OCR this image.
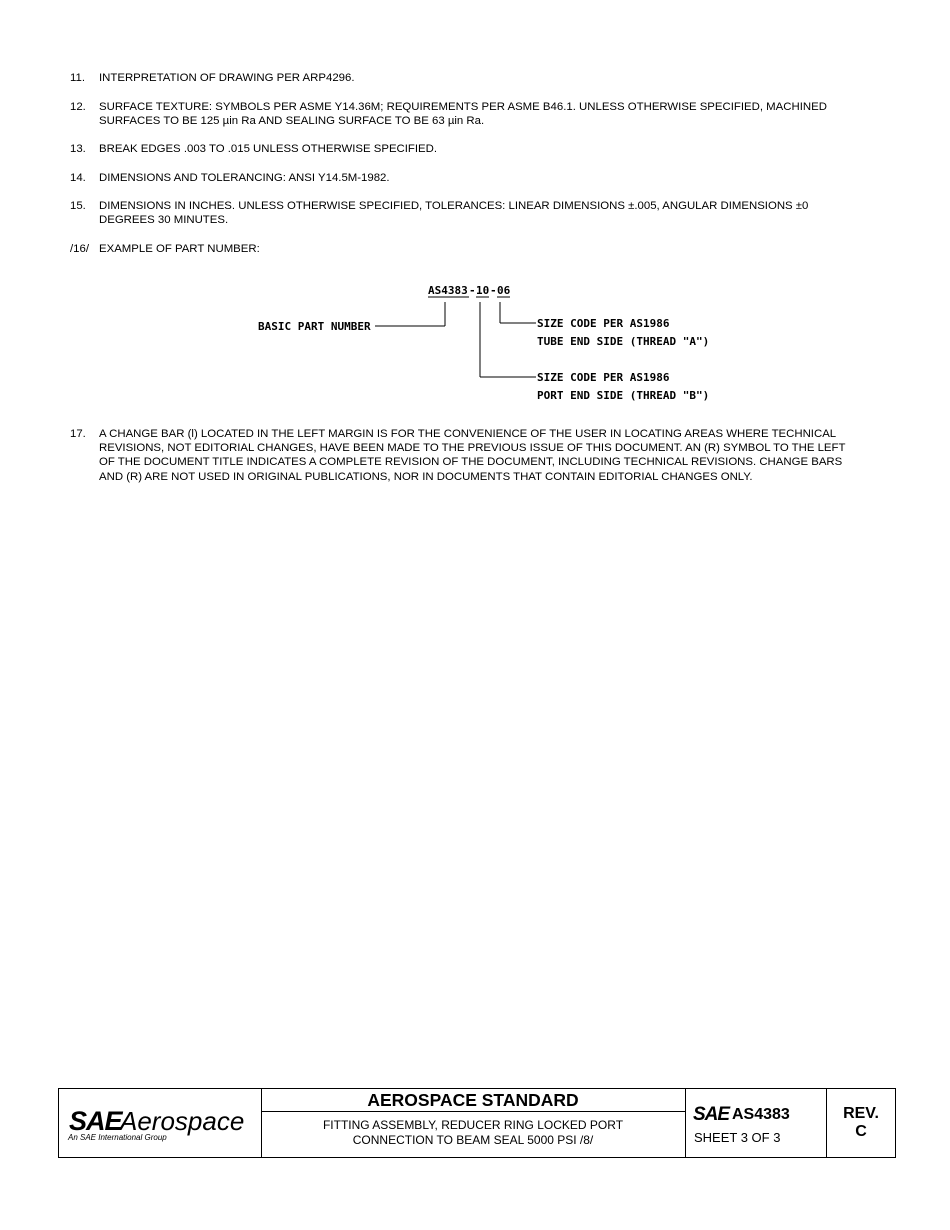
11. INTERPRETATION OF DRAWING PER ARP4296.
12. SURFACE TEXTURE: SYMBOLS PER ASME Y14.36M; REQUIREMENTS PER ASME B46.1. UNLESS OTHERWISE SPECIFIED, MACHINED SURFACES TO BE 125 µin Ra AND SEALING SURFACE TO BE 63 µin Ra.
13. BREAK EDGES .003 TO .015 UNLESS OTHERWISE SPECIFIED.
14. DIMENSIONS AND TOLERANCING: ANSI Y14.5M-1982.
15. DIMENSIONS IN INCHES. UNLESS OTHERWISE SPECIFIED, TOLERANCES: LINEAR DIMENSIONS ±.005, ANGULAR DIMENSIONS ±0 DEGREES 30 MINUTES.
/16/ EXAMPLE OF PART NUMBER:
17. A CHANGE BAR (l) LOCATED IN THE LEFT MARGIN IS FOR THE CONVENIENCE OF THE USER IN LOCATING AREAS WHERE TECHNICAL REVISIONS, NOT EDITORIAL CHANGES, HAVE BEEN MADE TO THE PREVIOUS ISSUE OF THIS DOCUMENT. AN (R) SYMBOL TO THE LEFT OF THE DOCUMENT TITLE INDICATES A COMPLETE REVISION OF THE DOCUMENT, INCLUDING TECHNICAL REVISIONS. CHANGE BARS AND (R) ARE NOT USED IN ORIGINAL PUBLICATIONS, NOR IN DOCUMENTS THAT CONTAIN EDITORIAL CHANGES ONLY.
AS4383 - 10 - 06
BASIC PART NUMBER	SIZE CODE PER AS1986
TUBE END SIDE (THREAD "A")
SIZE CODE PER AS1986
PORT END SIDE (THREAD "B")
SAE
Aerospace
An SAE International Group
AEROSPACE STANDARD
FITTING ASSEMBLY, REDUCER RING LOCKED PORT
CONNECTION TO BEAM SEAL 5000 PSI /8/
SAE AS4383
SHEET 3 OF 3
REV.
C
